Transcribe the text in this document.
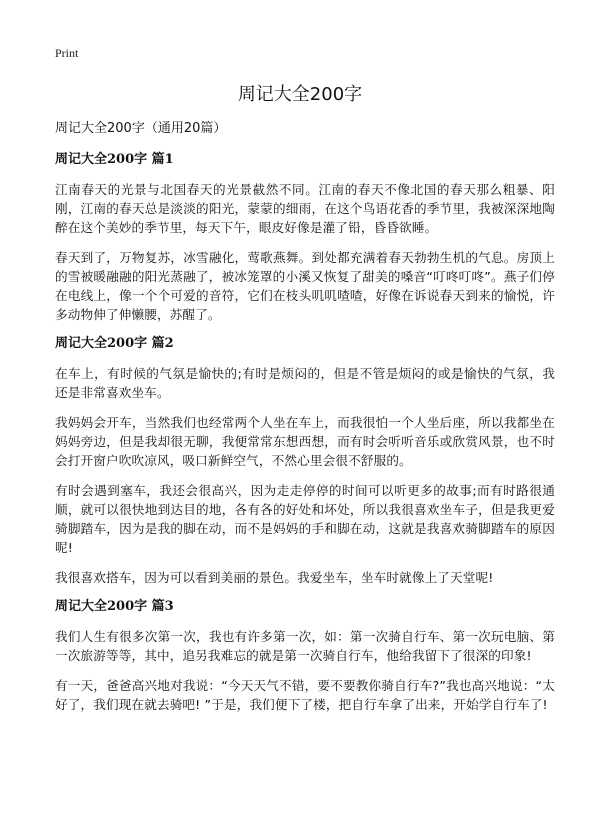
Print
周记大全200字

周记大全200字（通用20篇）

周记大全200字 篇1

江南春天的光景与北国春天的光景截然不同。江南的春天不像北国的春天那么粗暴、阳刚，江南的春天总是淡淡的阳光，蒙蒙的细雨，在这个鸟语花香的季节里，我被深深地陶醉在这个美妙的季节里，每天下午，眼皮好像是灌了铅，昏昏欲睡。

春天到了，万物复苏，冰雪融化，莺歌燕舞。到处都充满着春天勃勃生机的气息。房顶上的雪被暖融融的阳光蒸融了，被冰笼罩的小溪又恢复了甜美的嗓音“叮咚叮咚”。燕子们停在电线上，像一个个可爱的音符，它们在枝头叽叽喳喳，好像在诉说春天到来的愉悦，许多动物伸了伸懒腰，苏醒了。

周记大全200字 篇2

在车上，有时候的气氛是愉快的;有时是烦闷的，但是不管是烦闷的或是愉快的气氛，我还是非常喜欢坐车。

我妈妈会开车，当然我们也经常两个人坐在车上，而我很怕一个人坐后座，所以我都坐在妈妈旁边，但是我却很无聊，我便常常东想西想，而有时会听听音乐或欣赏风景，也不时会打开窗户吹吹凉风，吸口新鲜空气，不然心里会很不舒服的。

有时会遇到塞车，我还会很高兴，因为走走停停的时间可以听更多的故事;而有时路很通顺，就可以很快地到达目的地，各有各的好处和坏处，所以我很喜欢坐车子，但是我更爱骑脚踏车，因为是我的脚在动，而不是妈妈的手和脚在动，这就是我喜欢骑脚踏车的原因呢!

我很喜欢搭车，因为可以看到美丽的景色。我爱坐车，坐车时就像上了天堂呢!

周记大全200字 篇3

我们人生有很多次第一次，我也有许多第一次，如：第一次骑自行车、第一次玩电脑、第一次旅游等等，其中，追另我难忘的就是第一次骑自行车，他给我留下了很深的印象!

有一天，爸爸高兴地对我说：“今天天气不错，要不要教你骑自行车?”我也高兴地说：“太好了，我们现在就去骑吧! ”于是，我们便下了楼，把自行车拿了出来，开始学自行车了!
